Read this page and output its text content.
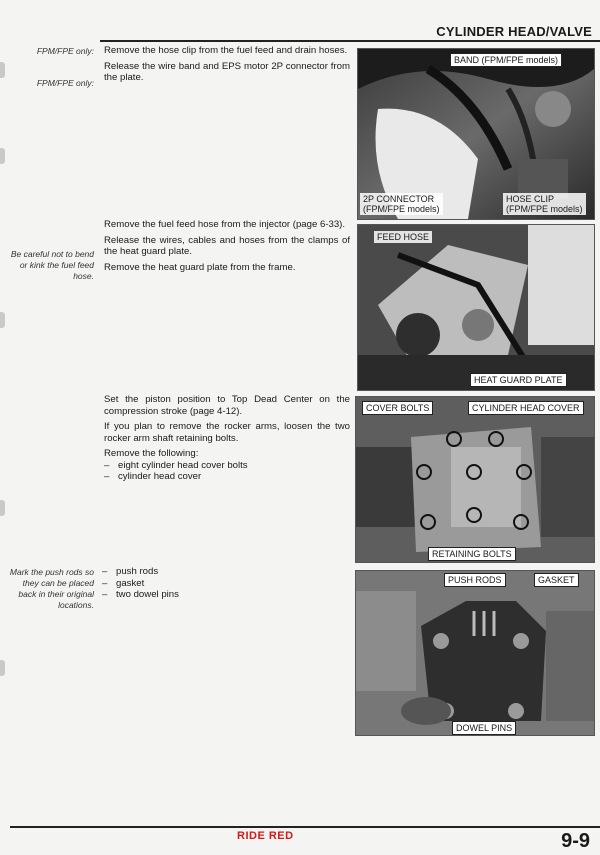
CYLINDER HEAD/VALVE
FPM/FPE only:
FPM/FPE only:
Be careful not to bend or kink the fuel feed hose.
Mark the push rods so they can be placed back in their original locations.

Remove the hose clip from the fuel feed and drain hoses.

Release the wire band and EPS motor 2P connector from the plate.

Remove the fuel feed hose from the injector (page 6-33).

Release the wires, cables and hoses from the clamps of the heat guard plate.

Remove the heat guard plate from the frame.

Set the piston position to Top Dead Center on the compression stroke (page 4-12).

If you plan to remove the rocker arms, loosen the two rocker arm shaft retaining bolts.

Remove the following:

– eight cylinder head cover bolts
– cylinder head cover
– push rods
– gasket
– two dowel pins
BAND (FPM/FPE models)
2P CONNECTOR
(FPM/FPE models)
HOSE CLIP
(FPM/FPE models)
FEED HOSE
HEAT GUARD PLATE
COVER BOLTS	CYLINDER HEAD COVER
RETAINING BOLTS
PUSH RODS	GASKET
DOWEL PINS
RIDE RED	9-9
